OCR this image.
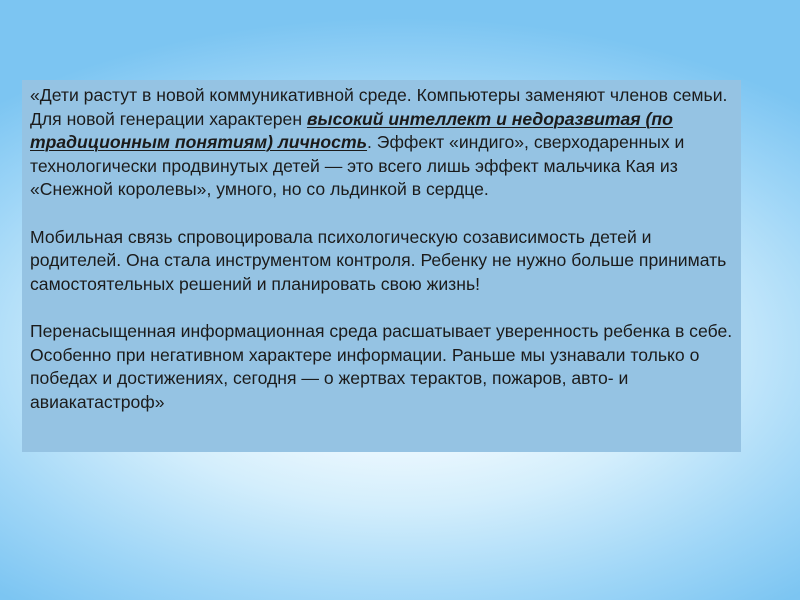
«Дети растут в новой коммуникативной среде. Компьютеры заменяют членов семьи. Для новой генерации характерен высокий интеллект и недоразвитая (по традиционным понятиям) личность. Эффект «индиго», сверходаренных и технологически продвинутых детей — это всего лишь эффект мальчика Кая из «Снежной королевы», умного, но со льдинкой в сердце.

Мобильная связь спровоцировала психологическую созависимость детей и родителей. Она стала инструментом контроля. Ребенку не нужно больше принимать самостоятельных решений и планировать свою жизнь!

Перенасыщенная информационная среда расшатывает уверенность ребенка в себе. Особенно при негативном характере информации. Раньше мы узнавали только о победах и достижениях, сегодня — о жертвах терактов, пожаров, авто- и авиакатастроф»
